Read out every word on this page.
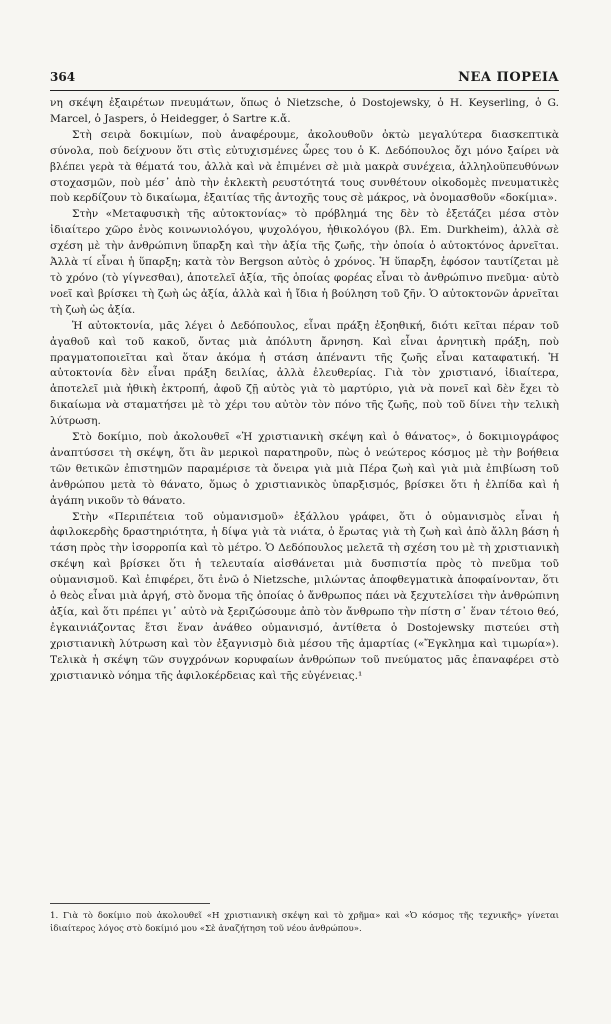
364	ΝΕΑ ΠΟΡΕΙΑ

νη σκέψη ἐξαιρέτων πνευμάτων, ὅπως ὁ Nietzsche, ὁ Dostojewsky, ὁ H. Keyserling, ὁ G. Marcel, ὁ Jaspers, ὁ Heidegger, ὁ Sartre κ.ἄ.

Στὴ σειρὰ δοκιμίων, ποὺ ἀναφέρουμε, ἀκολουθοῦν ὀκτὼ μεγαλύτερα διασκεπτικὰ σύνολα, ποὺ δείχνουν ὅτι στὶς εὐτυχισμένες ὧρες του ὁ Κ. Δεδόπουλος ὄχι μόνο ξαίρει νὰ βλέπει γερὰ τὰ θέματά του, ἀλλὰ καὶ νὰ ἐπιμένει σὲ μιὰ μακρὰ συνέχεια, ἀλληλοϋπευθύνων στοχασμῶν, ποὺ μέσ᾿ ἀπὸ τὴν ἐκλεκτὴ ρευστότητά τους συνθέτουν οἰκοδομὲς πνευματικὲς ποὺ κερδίζουν τὸ δικαίωμα, ἐξαιτίας τῆς ἀντοχῆς τους σὲ μάκρος, νὰ ὀνομασθοῦν «δοκίμια».

Στὴν «Μεταφυσικὴ τῆς αὐτοκτονίας» τὸ πρόβλημά της δὲν τὸ ἐξετάζει μέσα στὸν ἰδιαίτερο χῶρο ἑνὸς κοινωνιολόγου, ψυχολόγου, ἠθικολόγου (βλ. Em. Durkheim), ἀλλὰ σὲ σχέση μὲ τὴν ἀνθρώπινη ὕπαρξη καὶ τὴν ἀξία τῆς ζωῆς, τὴν ὁποία ὁ αὐτοκτόνος ἀρνεῖται. Ἀλλὰ τί εἶναι ἡ ὕπαρξη; κατὰ τὸν Bergson αὐτὸς ὁ χρόνος. Ἡ ὕπαρξη, ἐφόσον ταυτίζεται μὲ τὸ χρόνο (τὸ γίγνεσθαι), ἀποτελεῖ ἀξία, τῆς ὁποίας φορέας εἶναι τὸ ἀνθρώπινο πνεῦμα· αὐτὸ νοεῖ καὶ βρίσκει τὴ ζωὴ ὡς ἀξία, ἀλλὰ καὶ ἡ ἴδια ἡ βούληση τοῦ ζῆν. Ὁ αὐτοκτονῶν ἀρνεῖται τὴ ζωὴ ὡς ἀξία.

Ἡ αὐτοκτονία, μᾶς λέγει ὁ Δεδόπουλος, εἶναι πράξη ἐξοηθική, διότι κεῖται πέραν τοῦ ἀγαθοῦ καὶ τοῦ κακοῦ, ὄντας μιὰ ἀπόλυτη ἄρνηση. Καὶ εἶναι ἀρνητικὴ πράξη, ποὺ πραγματοποιεῖται καὶ ὅταν ἀκόμα ἡ στάση ἀπέναντι τῆς ζωῆς εἶναι καταφατική. Ἡ αὐτοκτονία δὲν εἶναι πράξη δειλίας, ἀλλὰ ἐλευθερίας. Γιὰ τὸν χριστιανό, ἰδιαίτερα, ἀποτελεῖ μιὰ ἠθικὴ ἐκτροπή, ἀφοῦ ζῇ αὐτὸς γιὰ τὸ μαρτύριο, γιὰ νὰ πονεῖ καὶ δὲν ἔχει τὸ δικαίωμα νὰ σταματήσει μὲ τὸ χέρι του αὐτὸν τὸν πόνο τῆς ζωῆς, ποὺ τοῦ δίνει τὴν τελικὴ λύτρωση.

Στὸ δοκίμιο, ποὺ ἀκολουθεῖ «Ἡ χριστιανικὴ σκέψη καὶ ὁ θάνατος», ὁ δοκιμιογράφος ἀναπτύσσει τὴ σκέψη, ὅτι ἂν μερικοὶ παρατηροῦν, πὼς ὁ νεώτερος κόσμος μὲ τὴν βοήθεια τῶν θετικῶν ἐπιστημῶν παραμέρισε τὰ ὄνειρα γιὰ μιὰ Πέρα ζωὴ καὶ γιὰ μιὰ ἐπιβίωση τοῦ ἀνθρώπου μετὰ τὸ θάνατο, ὅμως ὁ χριστιανικὸς ὑπαρξισμός, βρίσκει ὅτι ἡ ἐλπίδα καὶ ἡ ἀγάπη νικοῦν τὸ θάνατο.

Στὴν «Περιπέτεια τοῦ οὐμανισμοῦ» ἐξάλλου γράφει, ὅτι ὁ οὐμανισμὸς εἶναι ἡ ἀφιλοκερδὴς δραστηριότητα, ἡ δίψα γιὰ τὰ νιάτα, ὁ ἔρωτας γιὰ τὴ ζωὴ καὶ ἀπὸ ἄλλη βάση ἡ τάση πρὸς τὴν ἰσορροπία καὶ τὸ μέτρο. Ὁ Δεδόπουλος μελετᾶ τὴ σχέση του μὲ τὴ χριστιανικὴ σκέψη καὶ βρίσκει ὅτι ἡ τελευταία αἰσθάνεται μιὰ δυσπιστία πρὸς τὸ πνεῦμα τοῦ οὐμανισμοῦ. Καὶ ἐπιφέρει, ὅτι ἐνῶ ὁ Nietzsche, μιλώντας ἀποφθεγματικὰ ἀποφαίνονταν, ὅτι ὁ θεὸς εἶναι μιὰ ἀργή, στὸ ὄνομα τῆς ὁποίας ὁ ἄνθρωπος πάει νὰ ξεχυτελίσει τὴν ἀνθρώπινη ἀξία, καὶ ὅτι πρέπει γι᾿ αὐτὸ νὰ ξεριζώσουμε ἀπὸ τὸν ἄνθρωπο τὴν πίστη σ᾿ ἕναν τέτοιο θεό, ἐγκαινιάζοντας ἔτσι ἕναν ἀνάθεο οὐμανισμό, ἀντίθετα ὁ Dostojewsky πιστεύει στὴ χριστιανικὴ λύτρωση καὶ τὸν ἐξαγνισμὸ διὰ μέσου τῆς ἁμαρτίας («Ἔγκλημα καὶ τιμωρία»). Τελικὰ ἡ σκέψη τῶν συγχρόνων κορυφαίων ἀνθρώπων τοῦ πνεύματος μᾶς ἐπαναφέρει στὸ χριστιανικὸ νόημα τῆς ἀφιλοκέρδειας καὶ τῆς εὐγένειας.¹

1. Γιὰ τὸ δοκίμιο ποὺ ἀκολουθεῖ «Η χριστιανικὴ σκέψη καὶ τὸ χρῆμα» καὶ «Ὁ κόσμος τῆς τεχνικῆς» γίνεται ἰδιαίτερος λόγος στὸ δοκίμιό μου «Σὲ ἀναζήτηση τοῦ νέου ἀνθρώπου».
